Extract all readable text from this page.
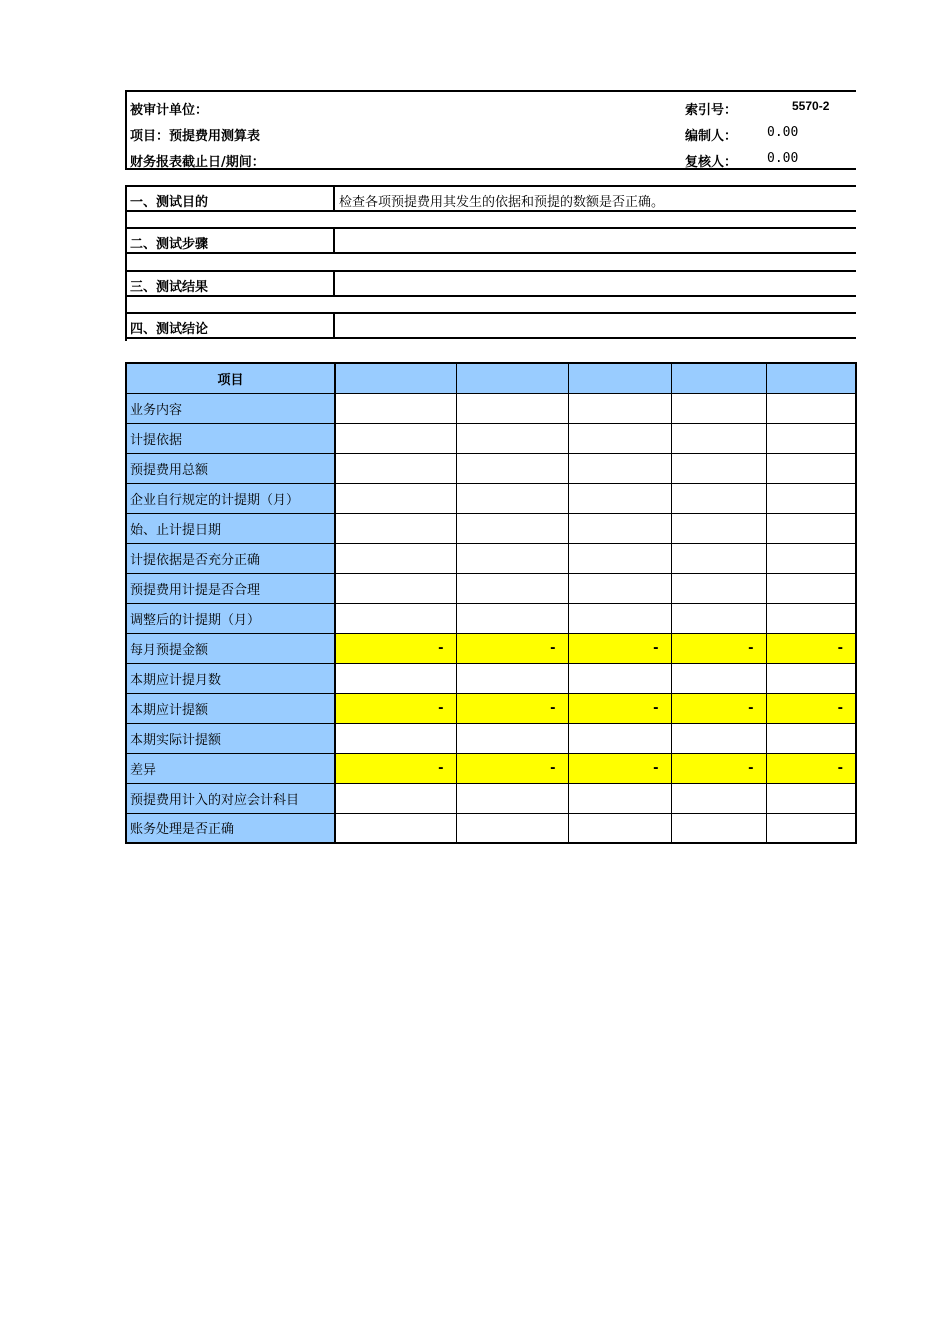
被审计单位：	索引号：	5570-2
项目：预提费用测算表	编制人： 0.00
财务报表截止日/期间：	复核人： 0.00
一、测试目的	检查各项预提费用其发生的依据和预提的数额是否正确。
二、测试步骤
三、测试结果
四、测试结论
项目					
业务内容					
计提依据					
预提费用总额					
企业自行规定的计提期（月）					
始、止计提日期					
计提依据是否充分正确					
预提费用计提是否合理					
调整后的计提期（月）					
每月预提金额	-	-	-	-	-
本期应计提月数					
本期应计提额	-	-	-	-	-
本期实际计提额					
差异	-	-	-	-	-
预提费用计入的对应会计科目					
账务处理是否正确					
